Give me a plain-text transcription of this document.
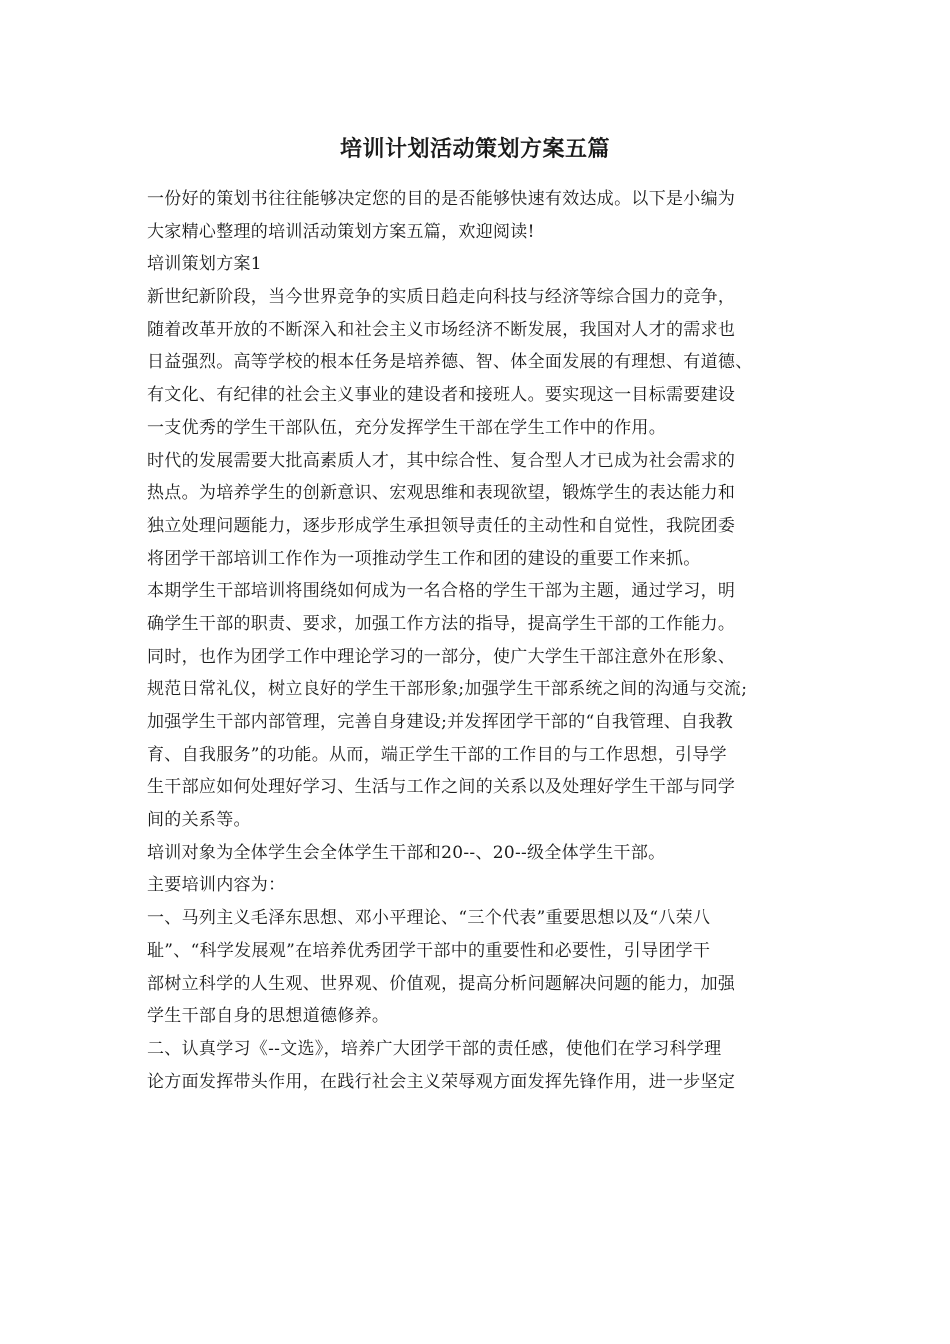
培训计划活动策划方案五篇
一份好的策划书往往能够决定您的目的是否能够快速有效达成。以下是小编为
大家精心整理的培训活动策划方案五篇，欢迎阅读!
培训策划方案1
新世纪新阶段，当今世界竞争的实质日趋走向科技与经济等综合国力的竞争，
随着改革开放的不断深入和社会主义市场经济不断发展，我国对人才的需求也
日益强烈。高等学校的根本任务是培养德、智、体全面发展的有理想、有道德、
有文化、有纪律的社会主义事业的建设者和接班人。要实现这一目标需要建设
一支优秀的学生干部队伍，充分发挥学生干部在学生工作中的作用。
时代的发展需要大批高素质人才，其中综合性、复合型人才已成为社会需求的
热点。为培养学生的创新意识、宏观思维和表现欲望，锻炼学生的表达能力和
独立处理问题能力，逐步形成学生承担领导责任的主动性和自觉性，我院团委
将团学干部培训工作作为一项推动学生工作和团的建设的重要工作来抓。
本期学生干部培训将围绕如何成为一名合格的学生干部为主题，通过学习，明
确学生干部的职责、要求，加强工作方法的指导，提高学生干部的工作能力。
同时，也作为团学工作中理论学习的一部分，使广大学生干部注意外在形象、
规范日常礼仪，树立良好的学生干部形象;加强学生干部系统之间的沟通与交流;
加强学生干部内部管理，完善自身建设;并发挥团学干部的“自我管理、自我教
育、自我服务”的功能。从而，端正学生干部的工作目的与工作思想，引导学
生干部应如何处理好学习、生活与工作之间的关系以及处理好学生干部与同学
间的关系等。
培训对象为全体学生会全体学生干部和20--、20--级全体学生干部。
主要培训内容为：
一、马列主义毛泽东思想、邓小平理论、“三个代表”重要思想以及“八荣八
耻”、“科学发展观”在培养优秀团学干部中的重要性和必要性，引导团学干
部树立科学的人生观、世界观、价值观，提高分析问题解决问题的能力，加强
学生干部自身的思想道德修养。
二、认真学习《--文选》，培养广大团学干部的责任感，使他们在学习科学理
论方面发挥带头作用，在践行社会主义荣辱观方面发挥先锋作用，进一步坚定
